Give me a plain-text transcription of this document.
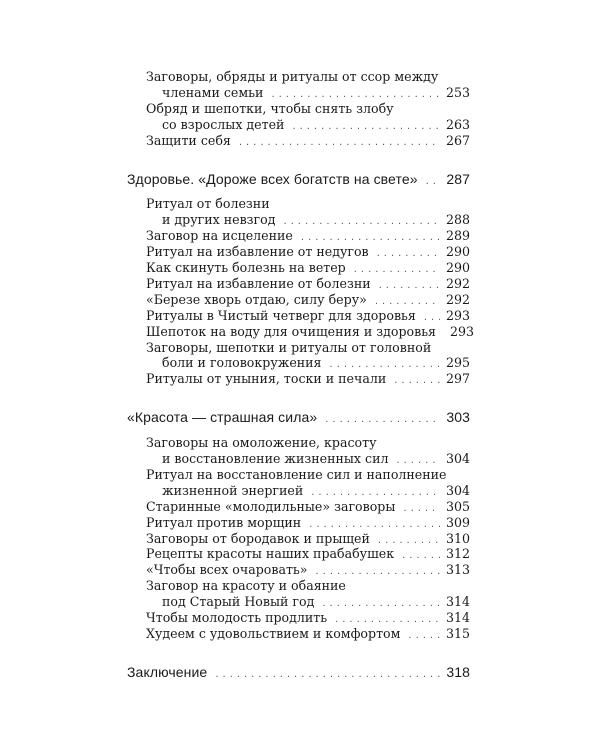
Заговоры, обряды и ритуалы от ссор между
членами семьи . . .	253
Обряд и шепотки, чтобы снять злобу
со взрослых детей . . .	263
Защити себя . . .	267
Здоровье. «Дороже всех богатств на свете» . . . 287
Ритуал от болезни
и других невзгод . . .	288
Заговор на исцеление . . .	289
Ритуал на избавление от недугов . . .	290
Как скинуть болезнь на ветер . . .	290
Ритуал на избавление от болезни . . .	292
«Березе хворь отдаю, силу беру» . . .	292
Ритуалы в Чистый четверг для здоровья . . . 293
Шепоток на воду для очищения и здоровья 293
Заговоры, шепотки и ритуалы от головной
боли и головокружения . . .	295
Ритуалы от уныния, тоски и печали . . .	297
«Красота — страшная сила» . . .	303
Заговоры на омоложение, красоту
и восстановление жизненных сил . . .	304
Ритуал на восстановление сил и наполнение
жизненной энергией . . .	304
Старинные «молодильные» заговоры . . .	305
Ритуал против морщин . . .	309
Заговоры от бородавок и прыщей . . .	310
Рецепты красоты наших прабабушек . . .	312
«Чтобы всех очаровать» . . .	313
Заговор на красоту и обаяние
под Старый Новый год . . .	314
Чтобы молодость продлить . . .	314
Худеем с удовольствием и комфортом . . .	315
Заключение . . .	318
